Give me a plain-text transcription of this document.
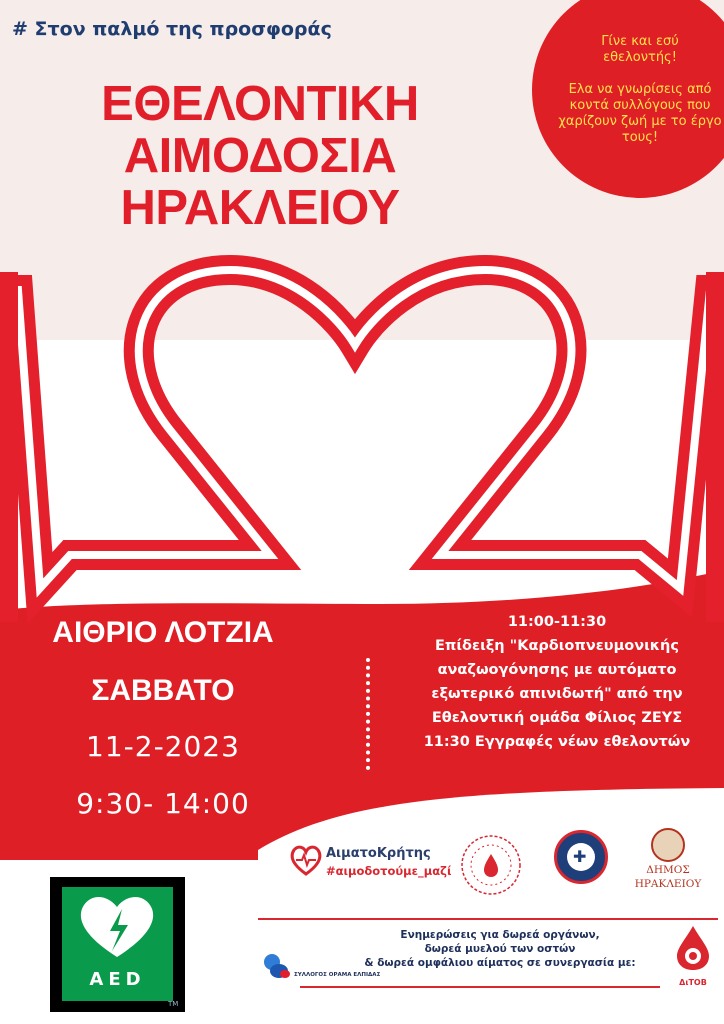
# Στον παλμό της προσφοράς
ΕΘΕΛΟΝΤΙΚΗ
ΑΙΜΟΔΟΣΙΑ
ΗΡΑΚΛΕΙΟΥ
Γίνε και εσύ εθελοντής!
Ελα να γνωρίσεις από κοντά συλλόγους που χαρίζουν ζωή με το έργο τους!
ΑΙΘΡΙΟ ΛΟΤΖΙΑ
ΣΑΒΒΑΤΟ
11-2-2023
9:30- 14:00
11:00-11:30
Επίδειξη "Καρδιοπνευμονικής
αναζωογόνησης με αυτόματο
εξωτερικό απινιδωτή" από την
Εθελοντική ομάδα Φίλιος ΖΕΥΣ
11:30 Εγγραφές νέων εθελοντών
ΑιματοΚρήτης
#αιμοδοτούμε_μαζί
✚
ΔΗΜΟΣ
ΗΡΑΚΛΕΙΟΥ
AED
TM
Ενημερώσεις για δωρεά οργάνων,
δωρεά μυελού των οστών
& δωρεά ομφάλιου αίματος σε συνεργασία με:
ΣΥΛΛΟΓΟΣ ΟΡΑΜΑ ΕΛΠΙΔΑΣ
ΔιΤΟΒ
